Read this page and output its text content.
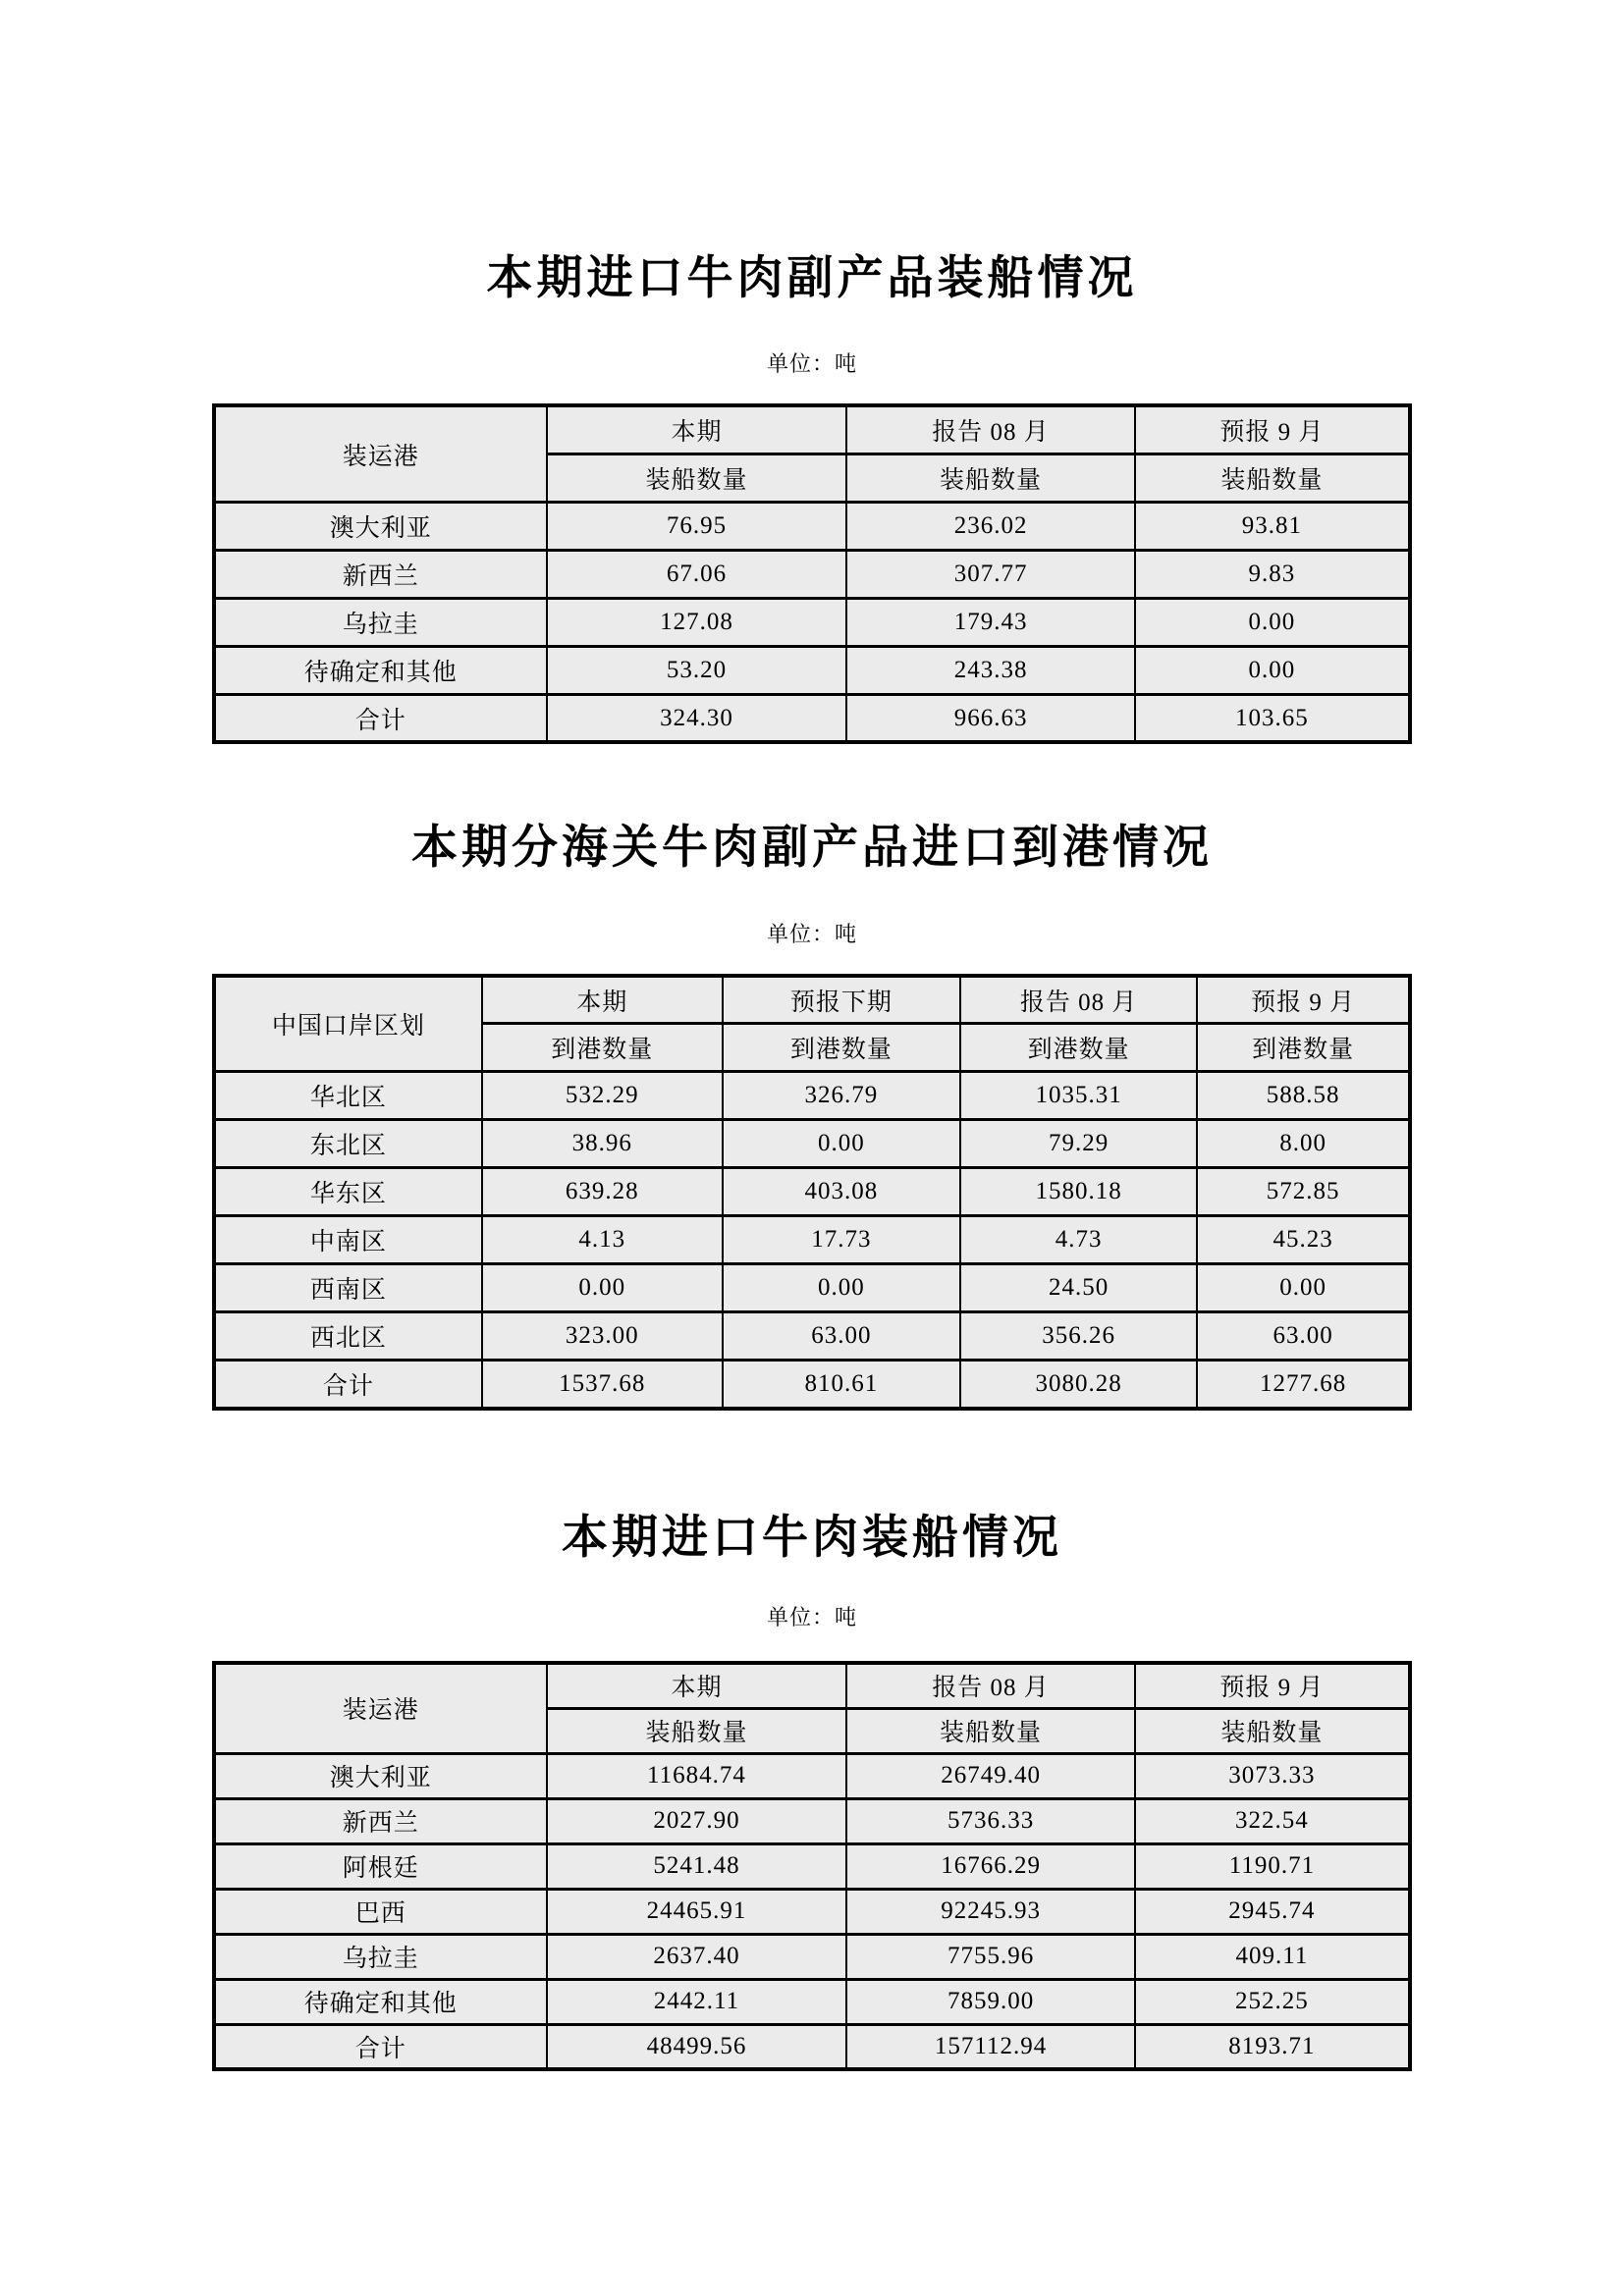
本期进口牛肉副产品装船情况
单位：吨
装运港	本期	报告 08 月	预报 9 月
	装船数量	装船数量	装船数量
澳大利亚	76.95	236.02	93.81
新西兰	67.06	307.77	9.83
乌拉圭	127.08	179.43	0.00
待确定和其他	53.20	243.38	0.00
合计	324.30	966.63	103.65
本期分海关牛肉副产品进口到港情况
单位：吨
中国口岸区划	本期	预报下期	报告 08 月	预报 9 月
	到港数量	到港数量	到港数量	到港数量
华北区	532.29	326.79	1035.31	588.58
东北区	38.96	0.00	79.29	8.00
华东区	639.28	403.08	1580.18	572.85
中南区	4.13	17.73	4.73	45.23
西南区	0.00	0.00	24.50	0.00
西北区	323.00	63.00	356.26	63.00
合计	1537.68	810.61	3080.28	1277.68
本期进口牛肉装船情况
单位：吨
装运港	本期	报告 08 月	预报 9 月
	装船数量	装船数量	装船数量
澳大利亚	11684.74	26749.40	3073.33
新西兰	2027.90	5736.33	322.54
阿根廷	5241.48	16766.29	1190.71
巴西	24465.91	92245.93	2945.74
乌拉圭	2637.40	7755.96	409.11
待确定和其他	2442.11	7859.00	252.25
合计	48499.56	157112.94	8193.71
